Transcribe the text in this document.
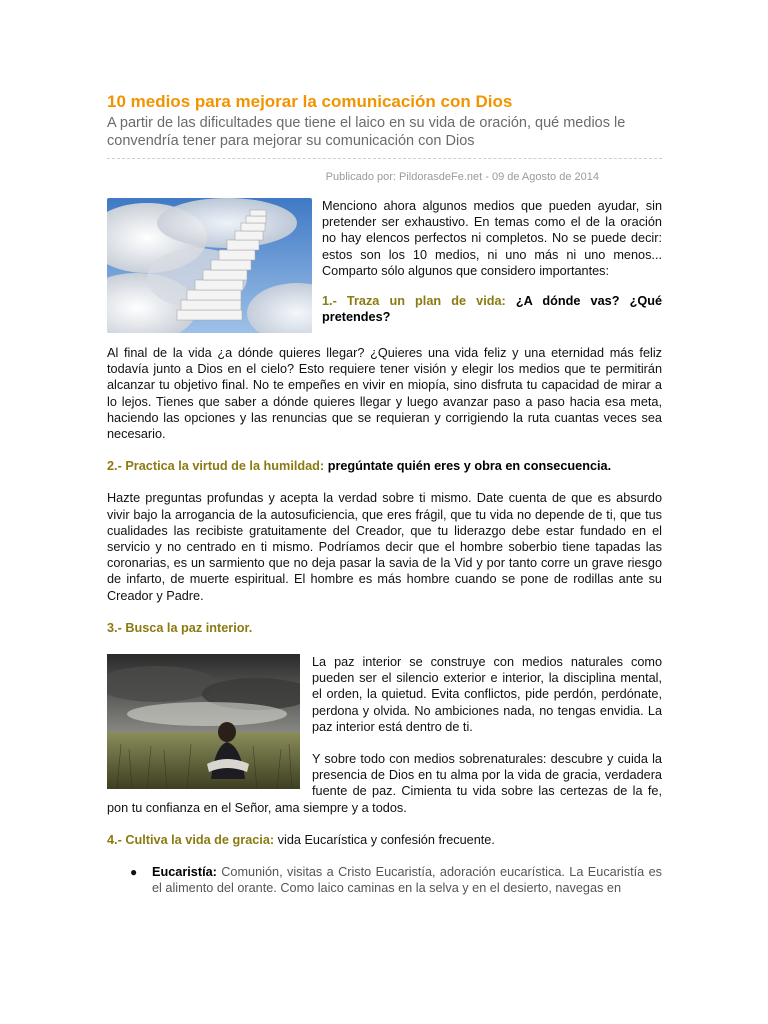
10 medios para mejorar la comunicación con Dios
A partir de las dificultades que tiene el laico en su vida de oración, qué medios le convendría tener para mejorar su comunicación con Dios
Publicado por: PildorasdeFe.net - 09 de Agosto de 2014

Menciono ahora algunos medios que pueden ayudar, sin pretender ser exhaustivo. En temas como el de la oración no hay elencos perfectos ni completos. No se puede decir: estos son los 10 medios, ni uno más ni uno menos... Comparto sólo algunos que considero importantes:

1.- Traza un plan de vida: ¿A dónde vas? ¿Qué pretendes?

Al final de la vida ¿a dónde quieres llegar? ¿Quieres una vida feliz y una eternidad más feliz todavía junto a Dios en el cielo? Esto requiere tener visión y elegir los medios que te permitirán alcanzar tu objetivo final. No te empeñes en vivir en miopía, sino disfruta tu capacidad de mirar a lo lejos. Tienes que saber a dónde quieres llegar y luego avanzar paso a paso hacia esa meta, haciendo las opciones y las renuncias que se requieran y corrigiendo la ruta cuantas veces sea necesario.

2.- Practica la virtud de la humildad: pregúntate quién eres y obra en consecuencia.

Hazte preguntas profundas y acepta la verdad sobre ti mismo. Date cuenta de que es absurdo vivir bajo la arrogancia de la autosuficiencia, que eres frágil, que tu vida no depende de ti, que tus cualidades las recibiste gratuitamente del Creador, que tu liderazgo debe estar fundado en el servicio y no centrado en ti mismo. Podríamos decir que el hombre soberbio tiene tapadas las coronarias, es un sarmiento que no deja pasar la savia de la Vid y por tanto corre un grave riesgo de infarto, de muerte espiritual. El hombre es más hombre cuando se pone de rodillas ante su Creador y Padre.

3.- Busca la paz interior.

La paz interior se construye con medios naturales como pueden ser el silencio exterior e interior, la disciplina mental, el orden, la quietud. Evita conflictos, pide perdón, perdónate, perdona y olvida. No ambiciones nada, no tengas envidia. La paz interior está dentro de ti.

Y sobre todo con medios sobrenaturales: descubre y cuida la presencia de Dios en tu alma por la vida de gracia, verdadera fuente de paz. Cimienta tu vida sobre las certezas de la fe, pon tu confianza en el Señor, ama siempre y a todos.

4.- Cultiva la vida de gracia: vida Eucarística y confesión frecuente.

● Eucaristía: Comunión, visitas a Cristo Eucaristía, adoración eucarística. La Eucaristía es el alimento del orante. Como laico caminas en la selva y en el desierto, navegas en
